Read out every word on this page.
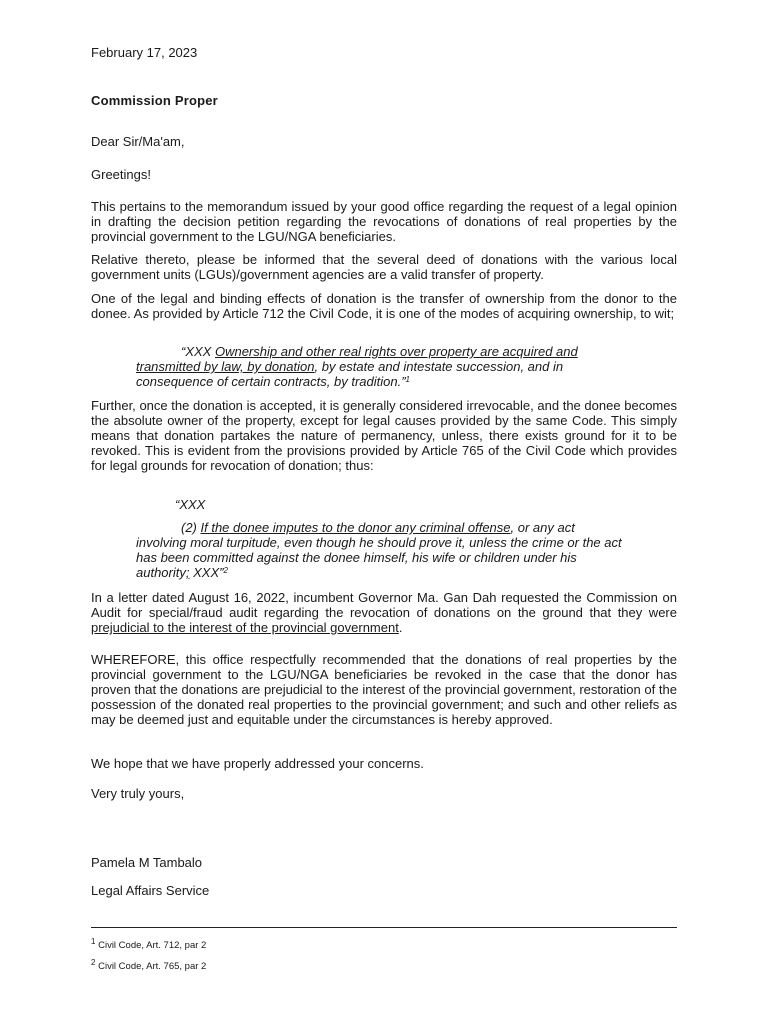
February 17, 2023

Commission Proper

Dear Sir/Ma'am,

Greetings!

This pertains to the memorandum issued by your good office regarding the request of a legal opinion in drafting the decision petition regarding the revocations of donations of real properties by the provincial government to the LGU/NGA beneficiaries.

Relative thereto, please be informed that the several deed of donations with the various local government units (LGUs)/government agencies are a valid transfer of property.

One of the legal and binding effects of donation is the transfer of ownership from the donor to the donee. As provided by Article 712 the Civil Code, it is one of the modes of acquiring ownership, to wit;

“XXX Ownership and other real rights over property are acquired and transmitted by law, by donation, by estate and intestate succession, and in consequence of certain contracts, by tradition.”$^1$

Further, once the donation is accepted, it is generally considered irrevocable, and the donee becomes the absolute owner of the property, except for legal causes provided by the same Code. This simply means that donation partakes the nature of permanency, unless, there exists ground for it to be revoked. This is evident from the provisions provided by Article 765 of the Civil Code which provides for legal grounds for revocation of donation; thus:

“XXX

(2) If the donee imputes to the donor any criminal offense, or any act involving moral turpitude, even though he should prove it, unless the crime or the act has been committed against the donee himself, his wife or children under his authority; XXX”$^2$

In a letter dated August 16, 2022, incumbent Governor Ma. Gan Dah requested the Commission on Audit for special/fraud audit regarding the revocation of donations on the ground that they were prejudicial to the interest of the provincial government.

WHEREFORE, this office respectfully recommended that the donations of real properties by the provincial government to the LGU/NGA beneficiaries be revoked in the case that the donor has proven that the donations are prejudicial to the interest of the provincial government, restoration of the possession of the donated real properties to the provincial government; and such and other reliefs as may be deemed just and equitable under the circumstances is hereby approved.

We hope that we have properly addressed your concerns.

Very truly yours,

Pamela M Tambalo

Legal Affairs Service

$^1$ Civil Code, Art. 712, par 2

$^2$ Civil Code, Art. 765, par 2
